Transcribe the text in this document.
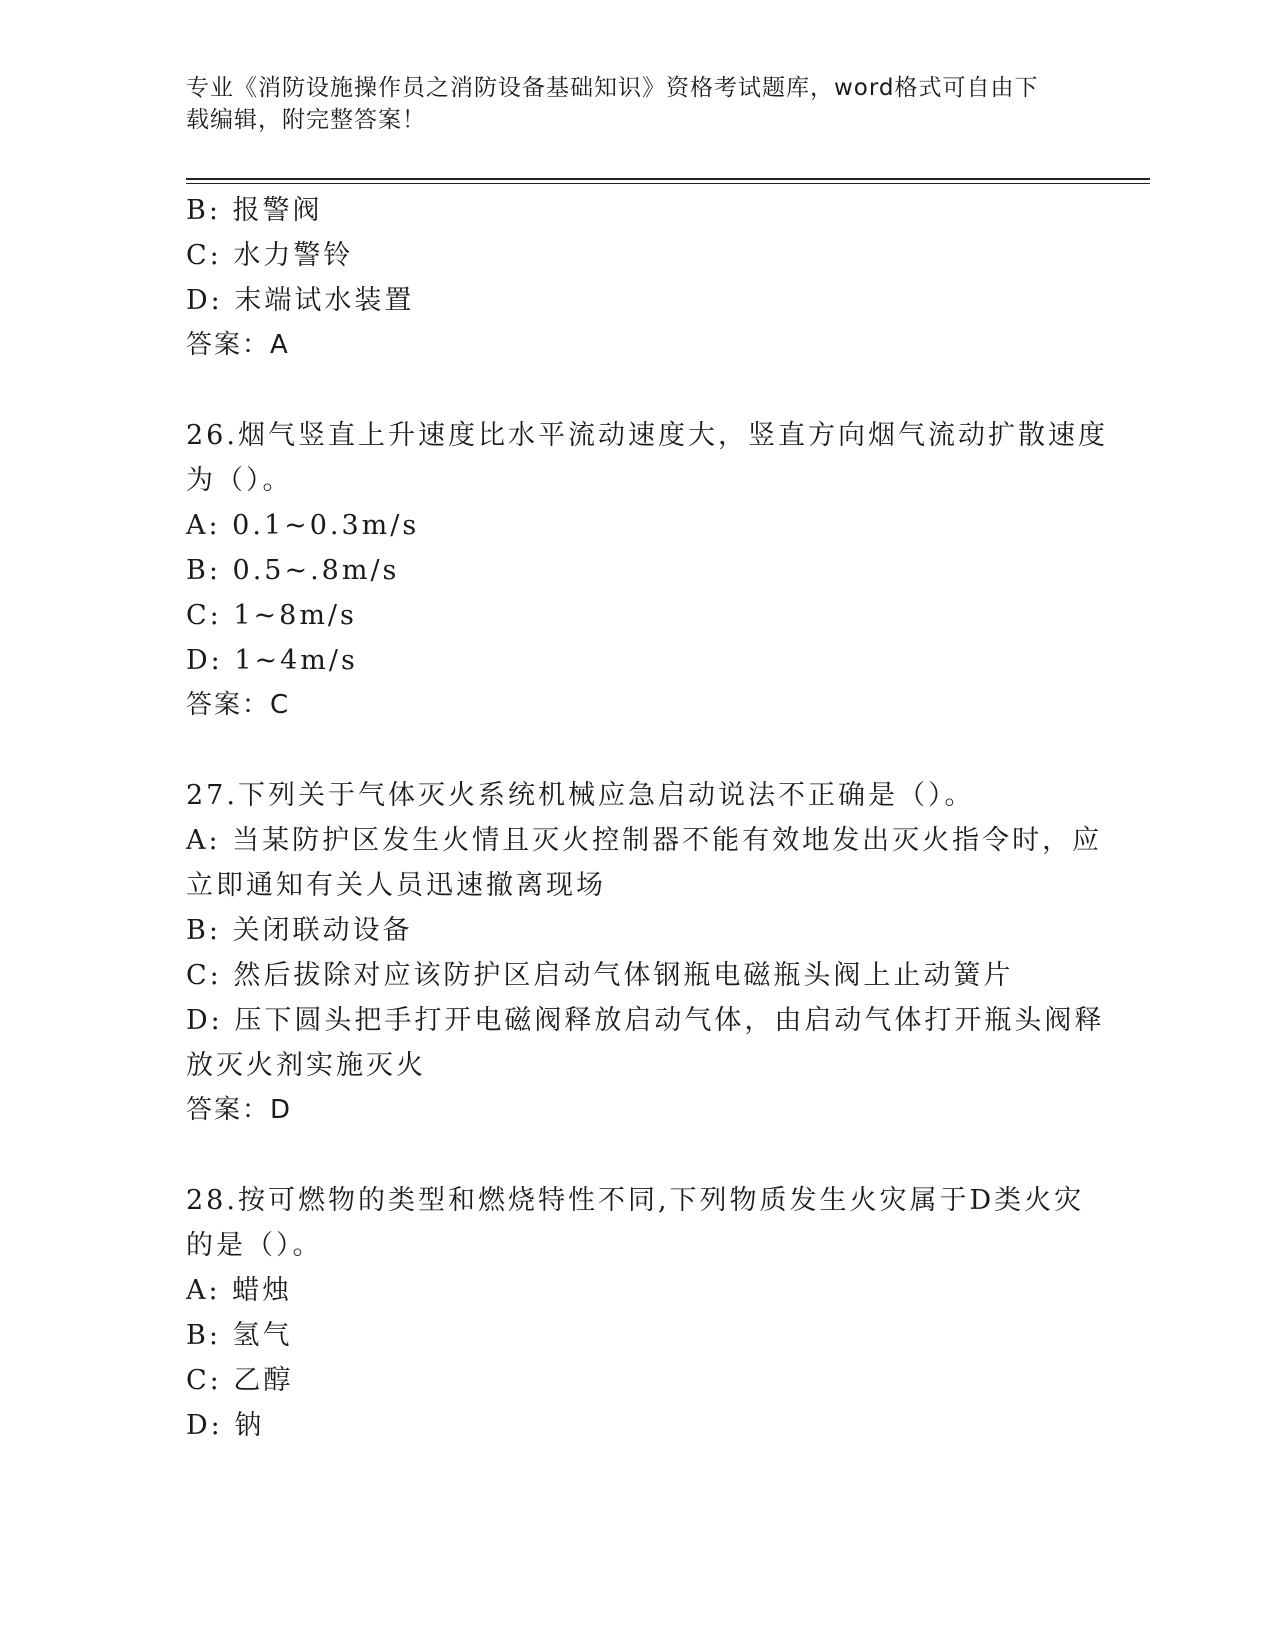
专业《消防设施操作员之消防设备基础知识》资格考试题库，word格式可自由下
载编辑，附完整答案！
B: 报警阀
C: 水力警铃
D: 末端试水装置
答案：A
26.烟气竖直上升速度比水平流动速度大，竖直方向烟气流动扩散速度
为（）。
A: 0.1~0.3m/s
B: 0.5~.8m/s
C: 1~8m/s
D: 1~4m/s
答案：C
27.下列关于气体灭火系统机械应急启动说法不正确是（）。
A: 当某防护区发生火情且灭火控制器不能有效地发出灭火指令时，应
立即通知有关人员迅速撤离现场
B: 关闭联动设备
C: 然后拔除对应该防护区启动气体钢瓶电磁瓶头阀上止动簧片
D: 压下圆头把手打开电磁阀释放启动气体，由启动气体打开瓶头阀释
放灭火剂实施灭火
答案：D
28.按可燃物的类型和燃烧特性不同,下列物质发生火灾属于D类火灾
的是（）。
A: 蜡烛
B: 氢气
C: 乙醇
D: 钠
